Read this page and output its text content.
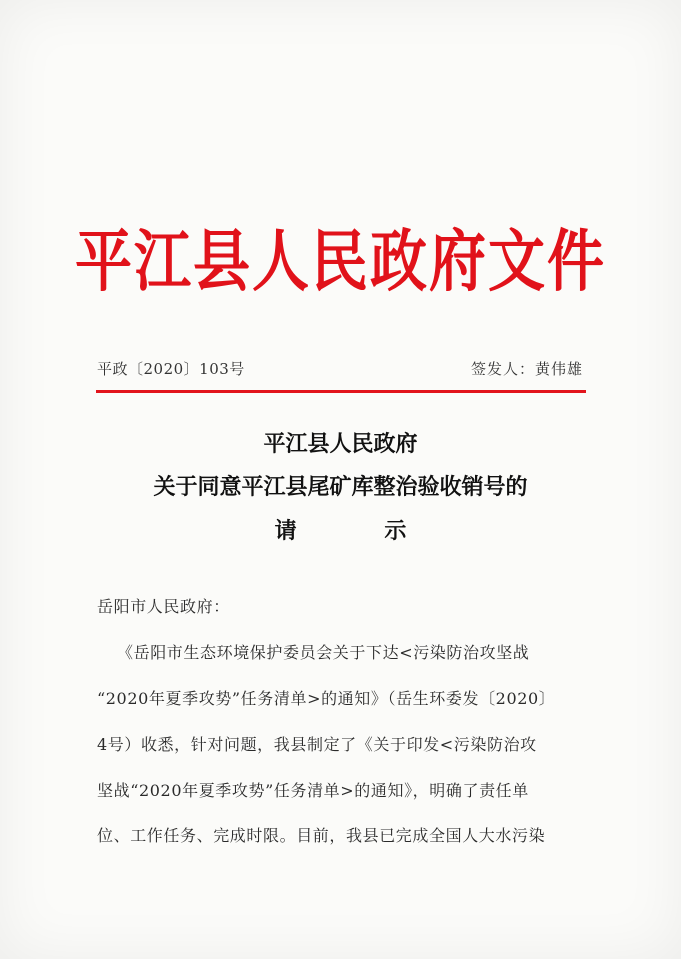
平江县人民政府文件
平政〔2020〕103号	签发人：黄伟雄
平江县人民政府
关于同意平江县尾矿库整治验收销号的
请 示
岳阳市人民政府：
《岳阳市生态环境保护委员会关于下达<污染防治攻坚战
“2020年夏季攻势”任务清单>的通知》（岳生环委发〔2020〕
4号）收悉，针对问题，我县制定了《关于印发<污染防治攻
坚战“2020年夏季攻势”任务清单>的通知》，明确了责任单
位、工作任务、完成时限。目前，我县已完成全国人大水污染
